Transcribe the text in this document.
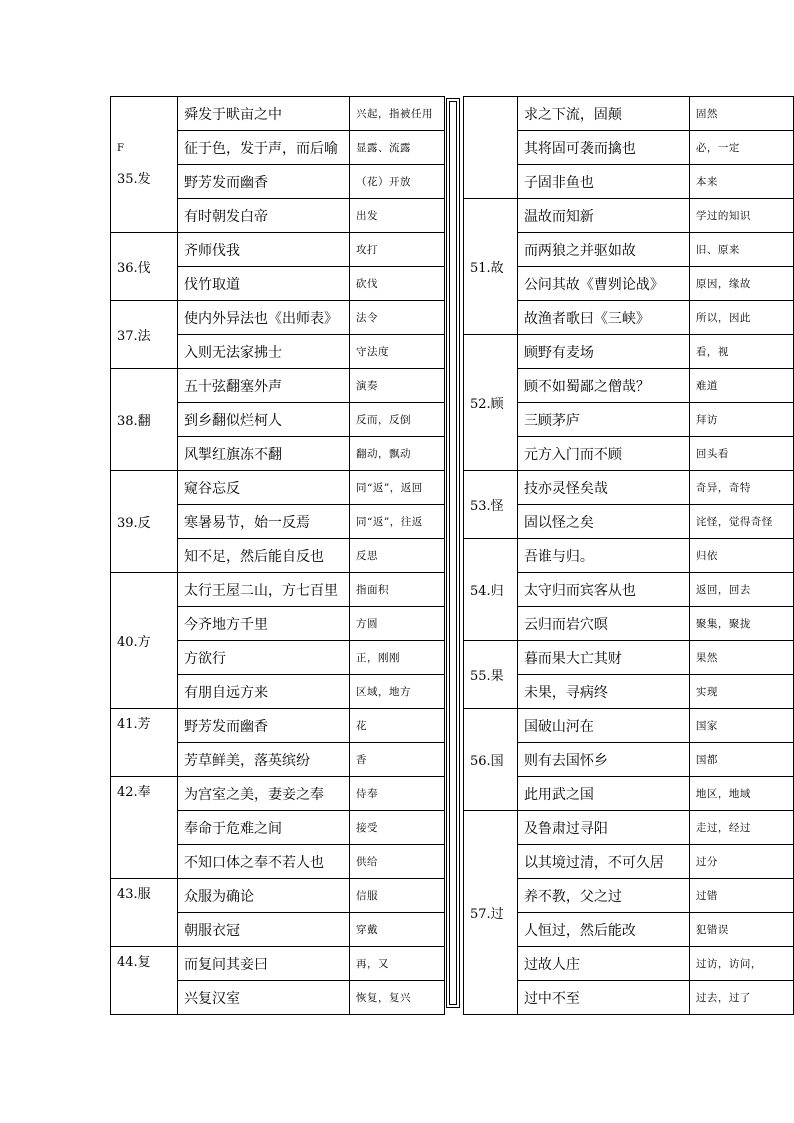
F
35.发	舜发于畎亩之中	兴起，指被任用
	征于色，发于声，而后喻	显露、流露
	野芳发而幽香	（花）开放
	有时朝发白帝	出发
36.伐	齐师伐我	攻打
	伐竹取道	砍伐
37.法	使内外异法也《出师表》	法令
	入则无法家拂士	守法度
38.翻	五十弦翻塞外声	演奏
	到乡翻似烂柯人	反而，反倒
	风掣红旗冻不翻	翻动，飘动
39.反	窥谷忘反	同“返”，返回
	寒暑易节，始一反焉	同“返”，往返
	知不足，然后能自反也	反思
40.方	太行王屋二山，方七百里	指面积
	今齐地方千里	方圆
	方欲行	正，刚刚
	有朋自远方来	区域，地方
41.芳	野芳发而幽香	花
	芳草鲜美，落英缤纷	香
42.奉	为宫室之美，妻妾之奉	侍奉
	奉命于危难之间	接受
	不知口体之奉不若人也	供给
43.服	众服为确论	信服
	朝服衣冠	穿戴
44.复	而复问其妾曰	再，又
	兴复汉室	恢复，复兴
	求之下流，固颠	固然
	其将固可袭而擒也	必，一定
	子固非鱼也	本来
51.故	温故而知新	学过的知识
	而两狼之并驱如故	旧、原来
	公问其故《曹刿论战》	原因，缘故
	故渔者歌曰《三峡》	所以，因此
52.顾	顾野有麦场	看，视
	顾不如蜀鄙之僧哉？	难道
	三顾茅庐	拜访
	元方入门而不顾	回头看
53.怪	技亦灵怪矣哉	奇异，奇特
	固以怪之矣	诧怪，觉得奇怪
54.归	吾谁与归。	归依
	太守归而宾客从也	返回，回去
	云归而岩穴暝	聚集，聚拢
55.果	暮而果大亡其财	果然
	未果，寻病终	实现
56.国	国破山河在	国家
	则有去国怀乡	国都
	此用武之国	地区，地域
57.过	及鲁肃过寻阳	走过，经过
	以其境过清，不可久居	过分
	养不教，父之过	过错
	人恒过，然后能改	犯错误
	过故人庄	过访，访问，
	过中不至	过去，过了
